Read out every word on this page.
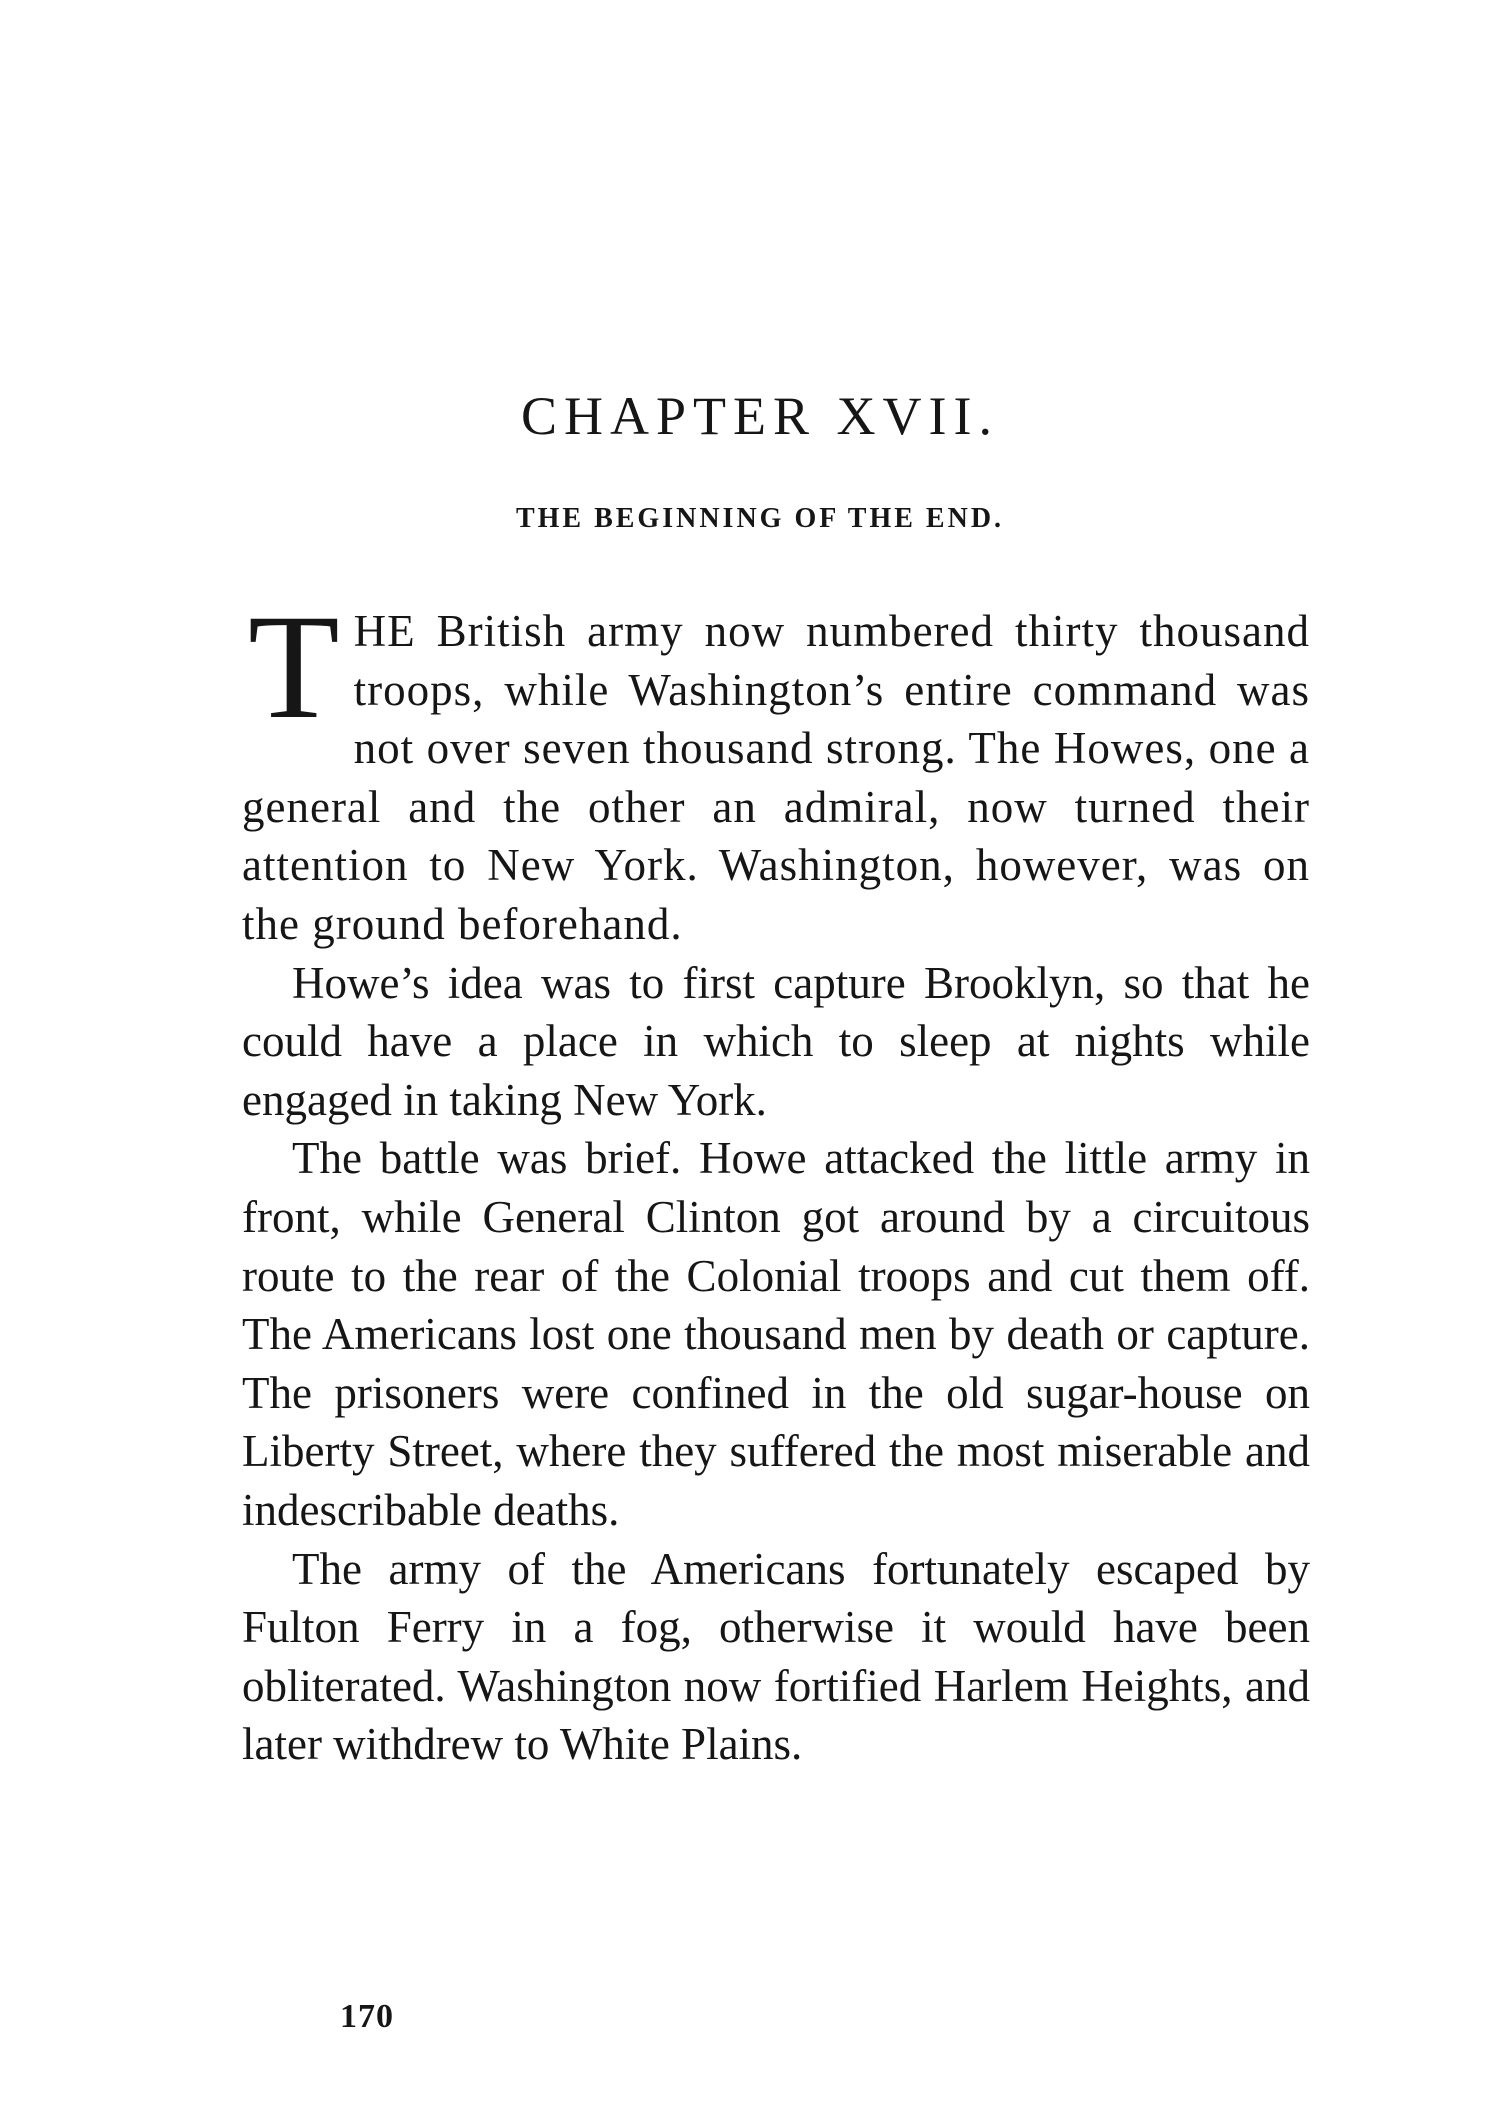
CHAPTER XVII.
THE BEGINNING OF THE END.

THE British army now numbered thirty thousand troops, while Washington’s entire command was not over seven thousand strong. The Howes, one a general and the other an admiral, now turned their attention to New York. Washington, however, was on the ground beforehand.

Howe’s idea was to first capture Brooklyn, so that he could have a place in which to sleep at nights while engaged in taking New York.

The battle was brief. Howe attacked the little army in front, while General Clinton got around by a circuitous route to the rear of the Colonial troops and cut them off. The Americans lost one thousand men by death or capture. The prisoners were confined in the old sugar-house on Liberty Street, where they suffered the most miserable and indescribable deaths.

The army of the Americans fortunately escaped by Fulton Ferry in a fog, otherwise it would have been obliterated. Washington now fortified Harlem Heights, and later withdrew to White Plains.

170
